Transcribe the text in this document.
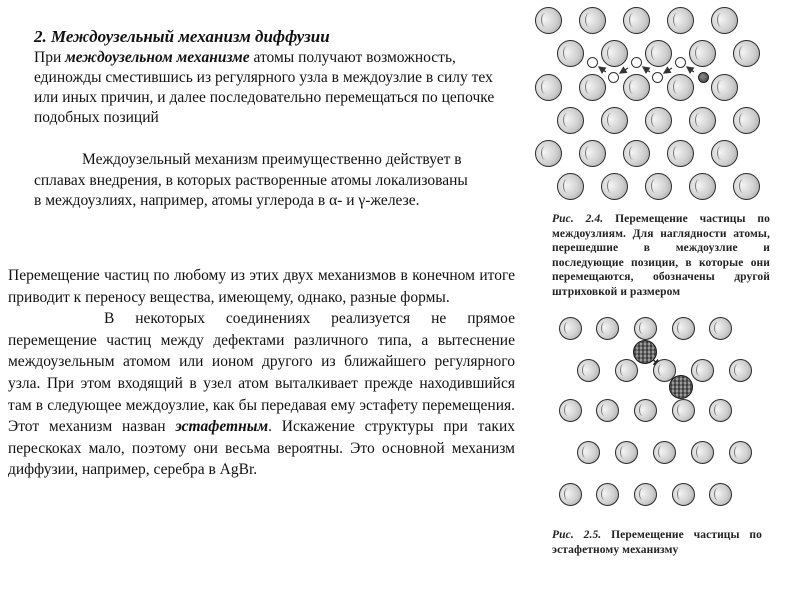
2. Междоузельный механизм диффузии
При междоузельном механизме атомы получают возможность, единожды сместившись из регулярного узла в междоузлие в силу тех или иных причин, и далее последовательно перемещаться по цепочке подобных позиций
Междоузельный механизм преимущественно действует в сплавах внедрения, в которых растворенные атомы локализованы в междоузлиях, например, атомы углерода в α- и γ-железе.

Перемещение частиц по любому из этих двух механизмов в конечном итоге приводит к переносу вещества, имеющему, однако, разные формы.

В некоторых соединениях реализуется не прямое перемещение частиц между дефектами различного типа, а вытеснение междоузельным атомом или ионом другого из ближайшего регулярного узла. При этом входящий в узел атом выталкивает прежде находившийся там в следующее междоузлие, как бы передавая ему эстафету перемещения. Этот механизм назван эстафетным. Искажение структуры при таких перескоках мало, поэтому они весьма вероятны. Это основной механизм диффузии, например, серебра в AgBr.

Рис. 2.4. Перемещение частицы по междоузлиям. Для наглядности атомы, перешедшие в междоузлие и последующие позиции, в которые они перемещаются, обозначены другой штриховкой и размером
Рис. 2.5. Перемещение частицы по эстафетному механизму
